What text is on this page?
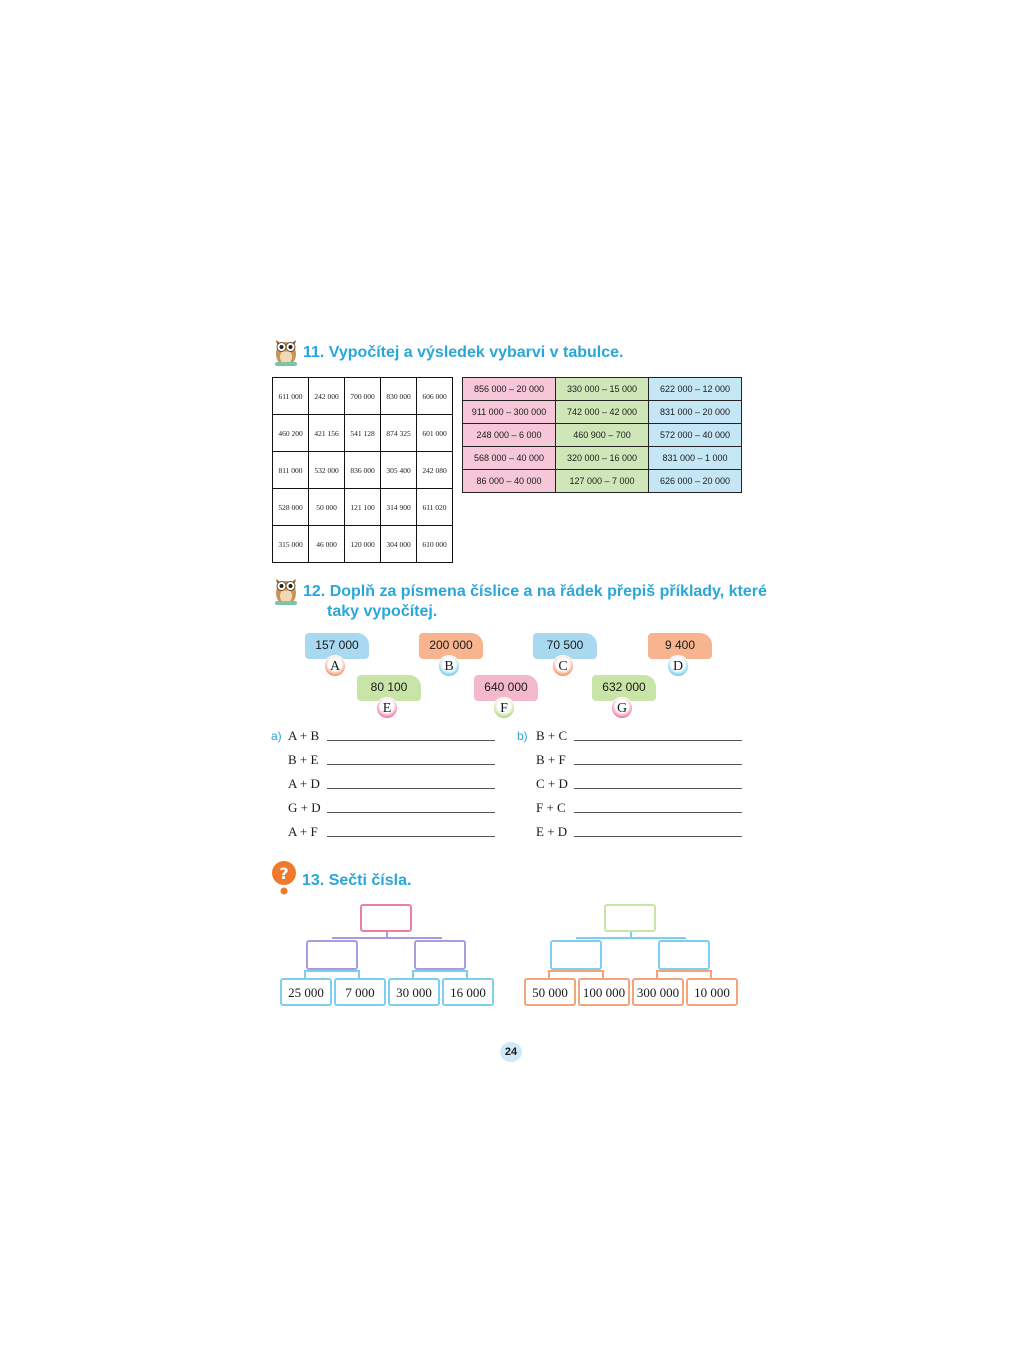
11. Vypočítej a výsledek vybarvi v tabulce.
611 000	242 000	700 000	830 000	606 000
460 200	421 156	541 128	874 325	601 000
811 000	532 000	836 000	305 400	242 080
528 000	50 000	121 100	314 900	611 020
315 000	46 000	120 000	304 000	610 000
856 000 – 20 000	330 000 – 15 000	622 000 – 12 000
911 000 – 300 000	742 000 – 42 000	831 000 – 20 000
248 000 – 6 000	460 900 – 700	572 000 – 40 000
568 000 – 40 000	320 000 – 16 000	831 000 – 1 000
86 000 – 40 000	127 000 – 7 000	626 000 – 20 000
12. Doplň za písmena číslice a na řádek přepiš příklady, které
taky vypočítej.
157 000
A
200 000
B
70 500
C
9 400
D
80 100
E
640 000
F
632 000
G
a)	b)
A + B
B + E
A + D
G + D
A + F
B + C
B + F
C + D
F + C
E + D
? 13. Sečti čísla.
25 000	7 000	30 000	16 000	50 000	100 000 300 000	10 000
24
